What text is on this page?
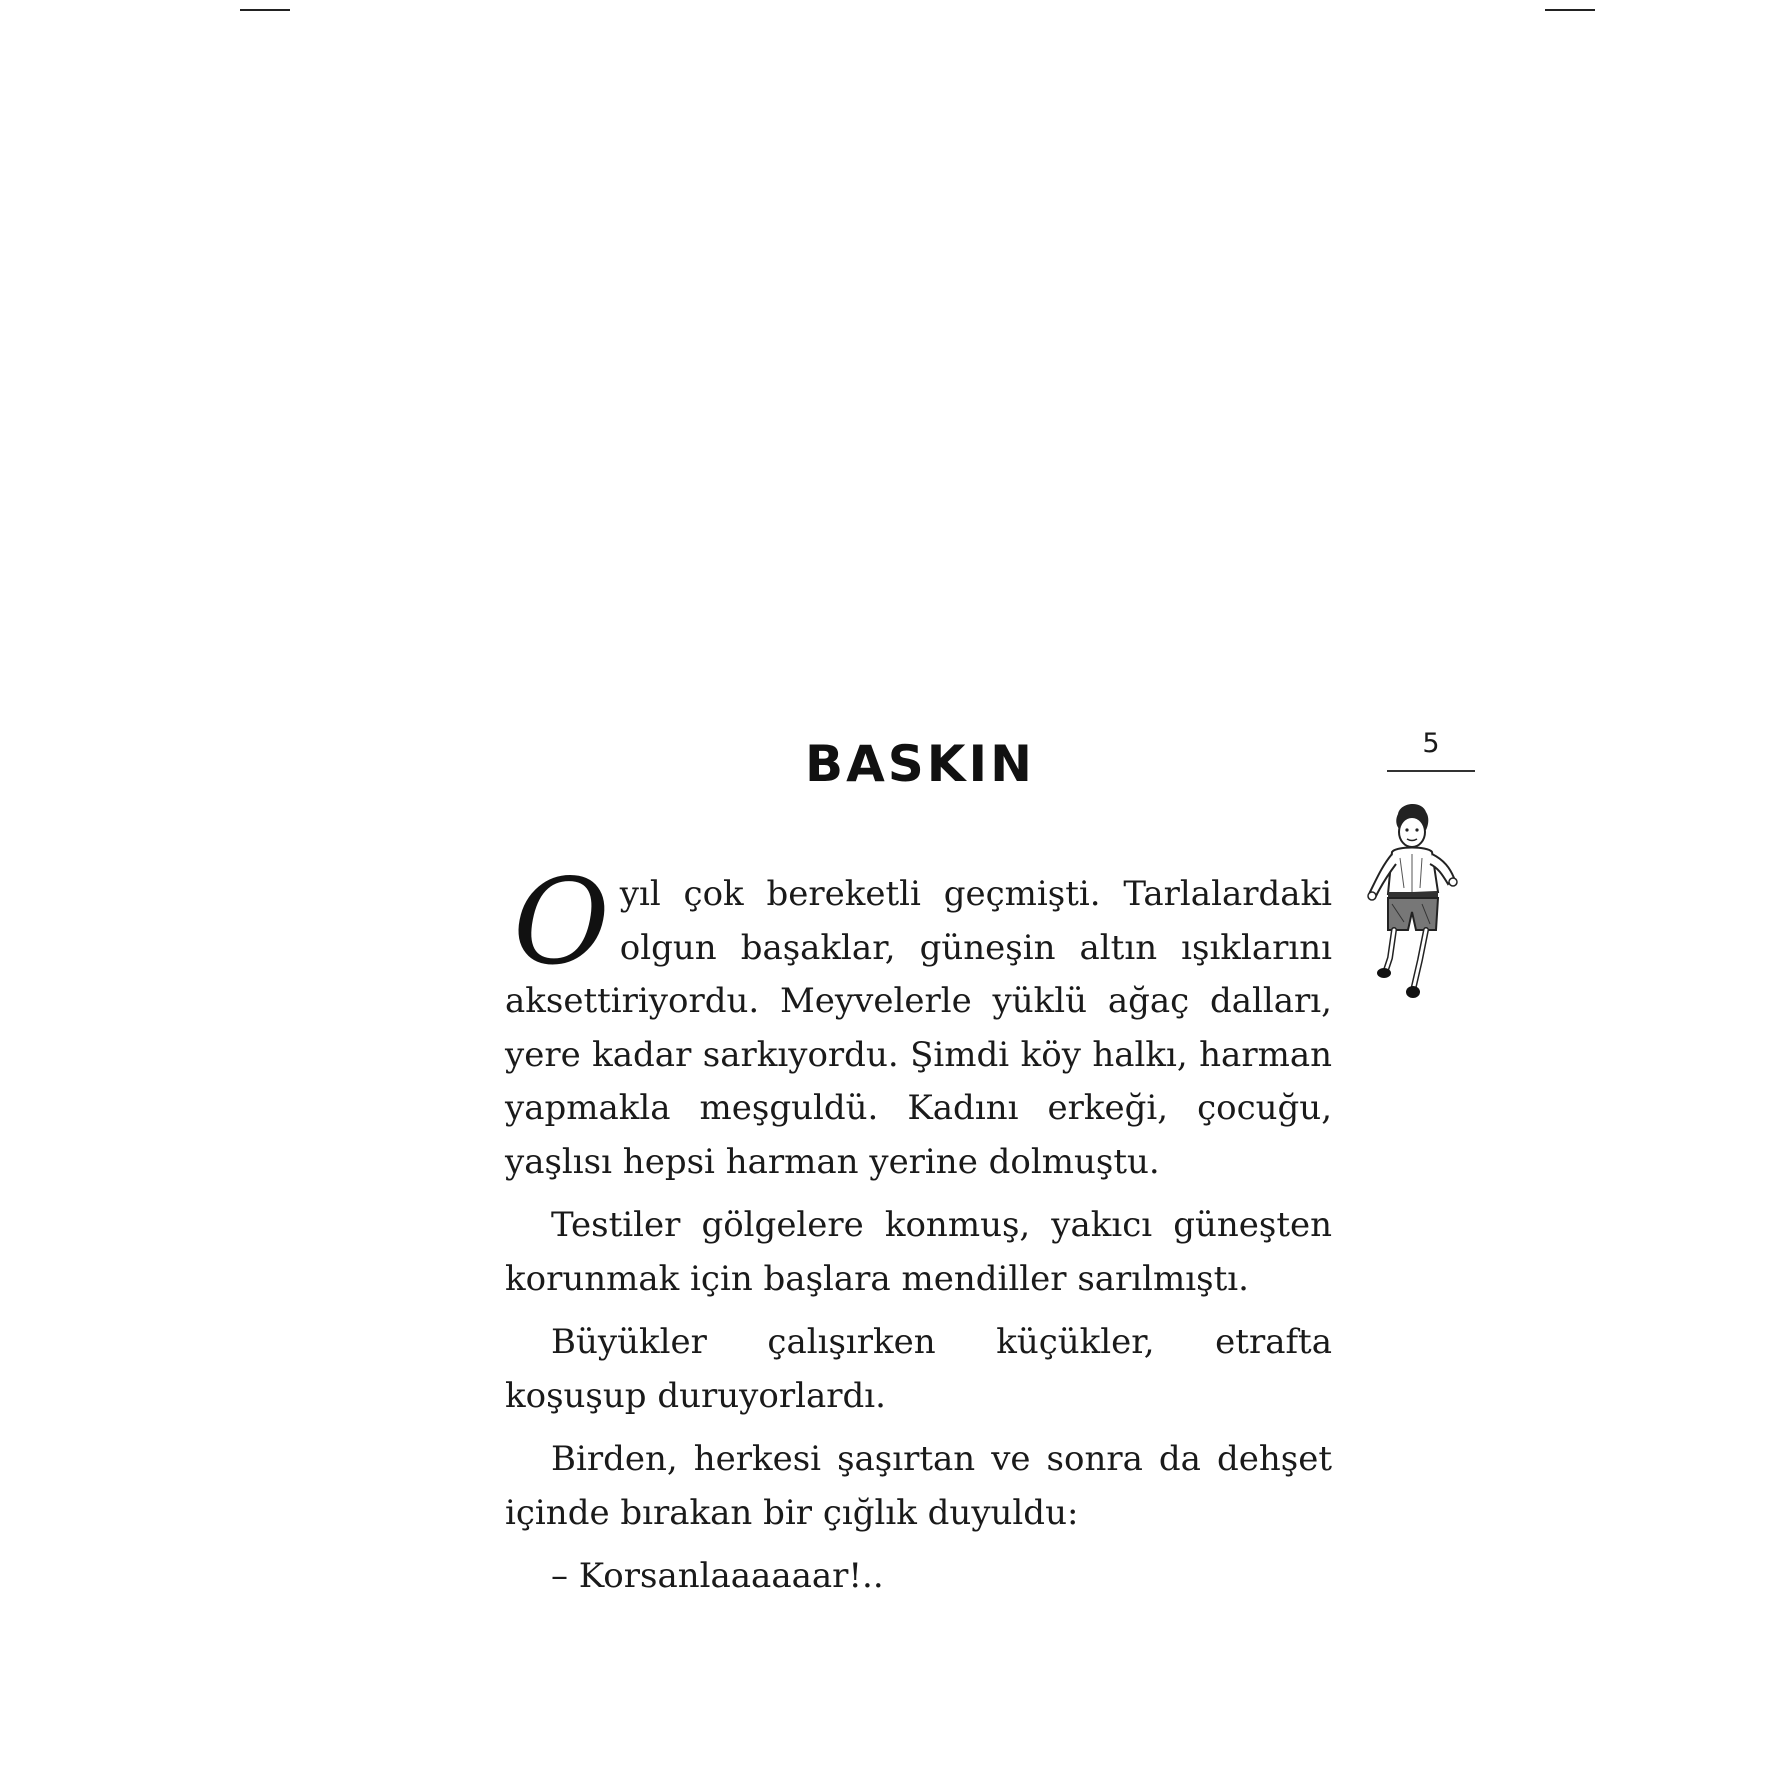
5
BASKIN

O yıl çok bereketli geçmişti. Tarlalardaki olgun başaklar, güneşin altın ışıklarını aksettiriyordu. Meyvelerle yüklü ağaç dalları, yere kadar sarkıyordu. Şimdi köy halkı, harman yapmakla meşguldü. Kadını erkeği, çocuğu, yaşlısı hepsi harman yerine dolmuştu.

Testiler gölgelere konmuş, yakıcı güneşten korunmak için başlara mendiller sarılmıştı.

Büyükler çalışırken küçükler, etrafta koşuşup duruyorlardı.

Birden, herkesi şaşırtan ve sonra da dehşet içinde bırakan bir çığlık duyuldu:

– Korsanlaaaaaar!..
